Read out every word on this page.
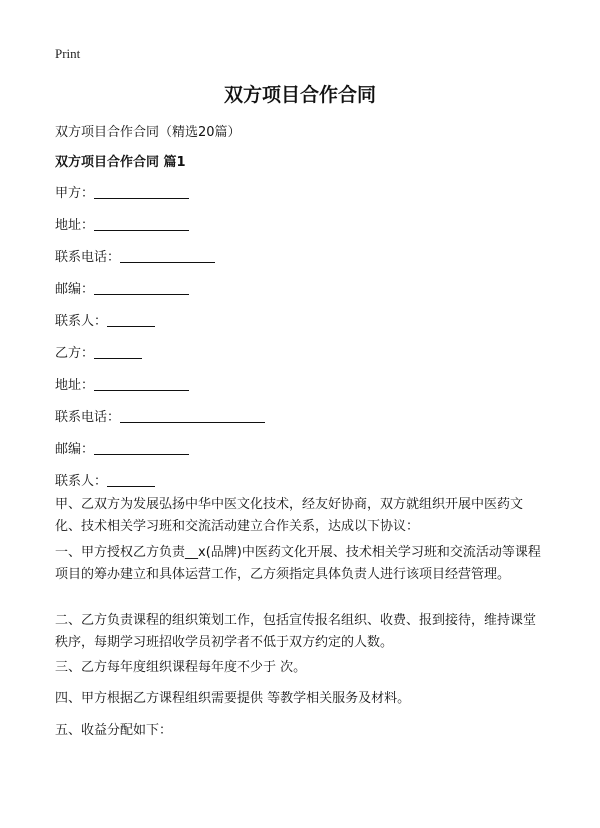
Print
双方项目合作合同
双方项目合作合同（精选20篇）
双方项目合作合同 篇1
甲方：
地址：
联系电话：
邮编：
联系人：
乙方：
地址：
联系电话：
邮编：
联系人：
甲、乙双方为发展弘扬中华中医文化技术，经友好协商，双方就组织开展中医药文化、技术相关学习班和交流活动建立合作关系，达成以下协议：
一、甲方授权乙方负责__x(品牌)中医药文化开展、技术相关学习班和交流活动等课程项目的筹办建立和具体运营工作，乙方须指定具体负责人进行该项目经营管理。
二、乙方负责课程的组织策划工作，包括宣传报名组织、收费、报到接待，维持课堂秩序，每期学习班招收学员初学者不低于双方约定的人数。
三、乙方每年度组织课程每年度不少于 次。
四、甲方根据乙方课程组织需要提供 等教学相关服务及材料。
五、收益分配如下：
